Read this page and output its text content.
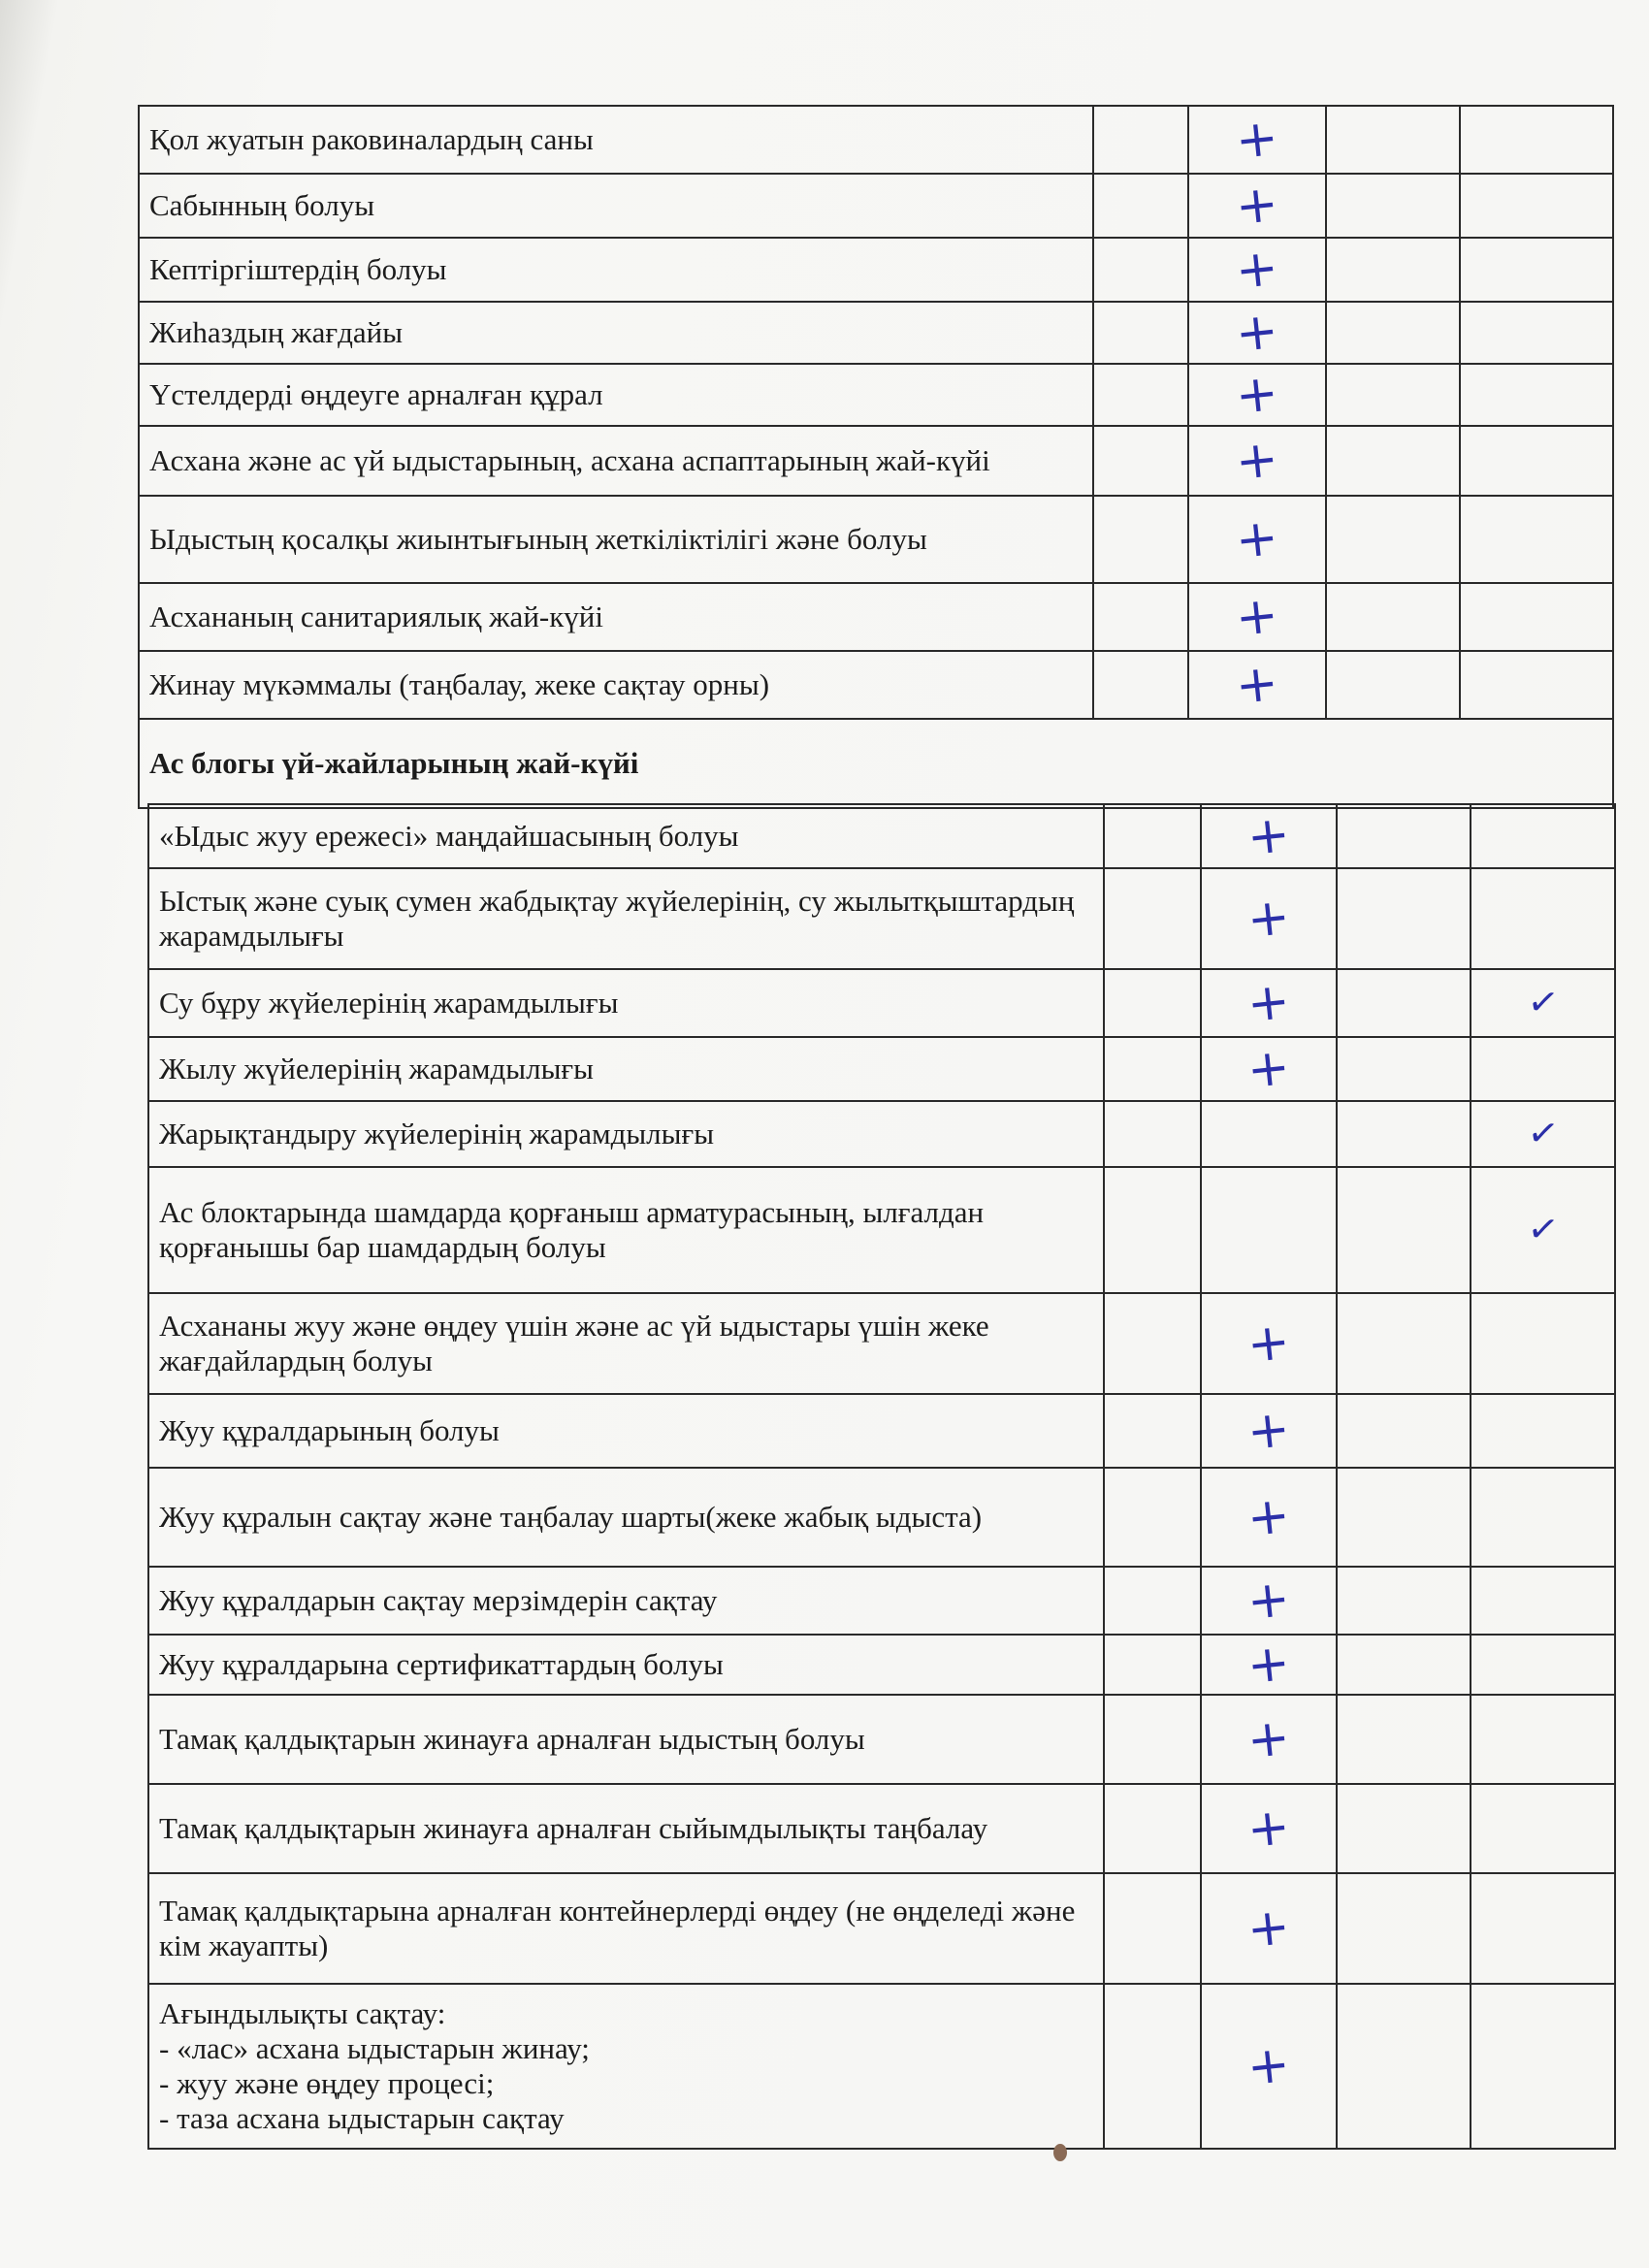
Қол жуатын раковиналардың саны		+		
Сабынның болуы		+		
Кептіргіштердің болуы		+		
Жиһаздың жағдайы		+		
Үстелдерді өңдеуге арналған құрал		+		
Асхана және ас үй ыдыстарының, асхана аспаптарының жай-күйі		+		
Ыдыстың қосалқы жиынтығының жеткіліктілігі және болуы		+		
Асхананың санитариялық жай-күйі		+		
Жинау мүкәммалы (таңбалау, жеке сақтау орны)		+		
Ас блогы үй-жайларының жай-күйі				
«Ыдыс жуу ережесі» маңдайшасының болуы		+		
Ыстық және суық сумен жабдықтау жүйелерінің, су жылытқыштардың жарамдылығы		+		
Су бұру жүйелерінің жарамдылығы		+		✓
Жылу жүйелерінің жарамдылығы		+		
Жарықтандыру жүйелерінің жарамдылығы				✓
Ас блоктарында шамдарда қорғаныш арматурасының, ылғалдан қорғанышы бар шамдардың болуы				✓
Асхананы жуу және өңдеу үшін және ас үй ыдыстары үшін жеке жағдайлардың болуы		+		
Жуу құралдарының болуы		+		
Жуу құралын сақтау және таңбалау шарты(жеке жабық ыдыста)		+		
Жуу құралдарын сақтау мерзімдерін сақтау		+		
Жуу құралдарына сертификаттардың болуы		+		
Тамақ қалдықтарын жинауға арналған ыдыстың болуы		+		
Тамақ қалдықтарын жинауға арналған сыйымдылықты таңбалау		+		
Тамақ қалдықтарына арналған контейнерлерді өңдеу (не өңделеді және кім жауапты)		+		

Ағындылықты сақтау:
- «лас» асхана ыдыстарын жинау;
- жуу және өңдеу процесі;
- таза асхана ыдыстарын сақтау		+		
